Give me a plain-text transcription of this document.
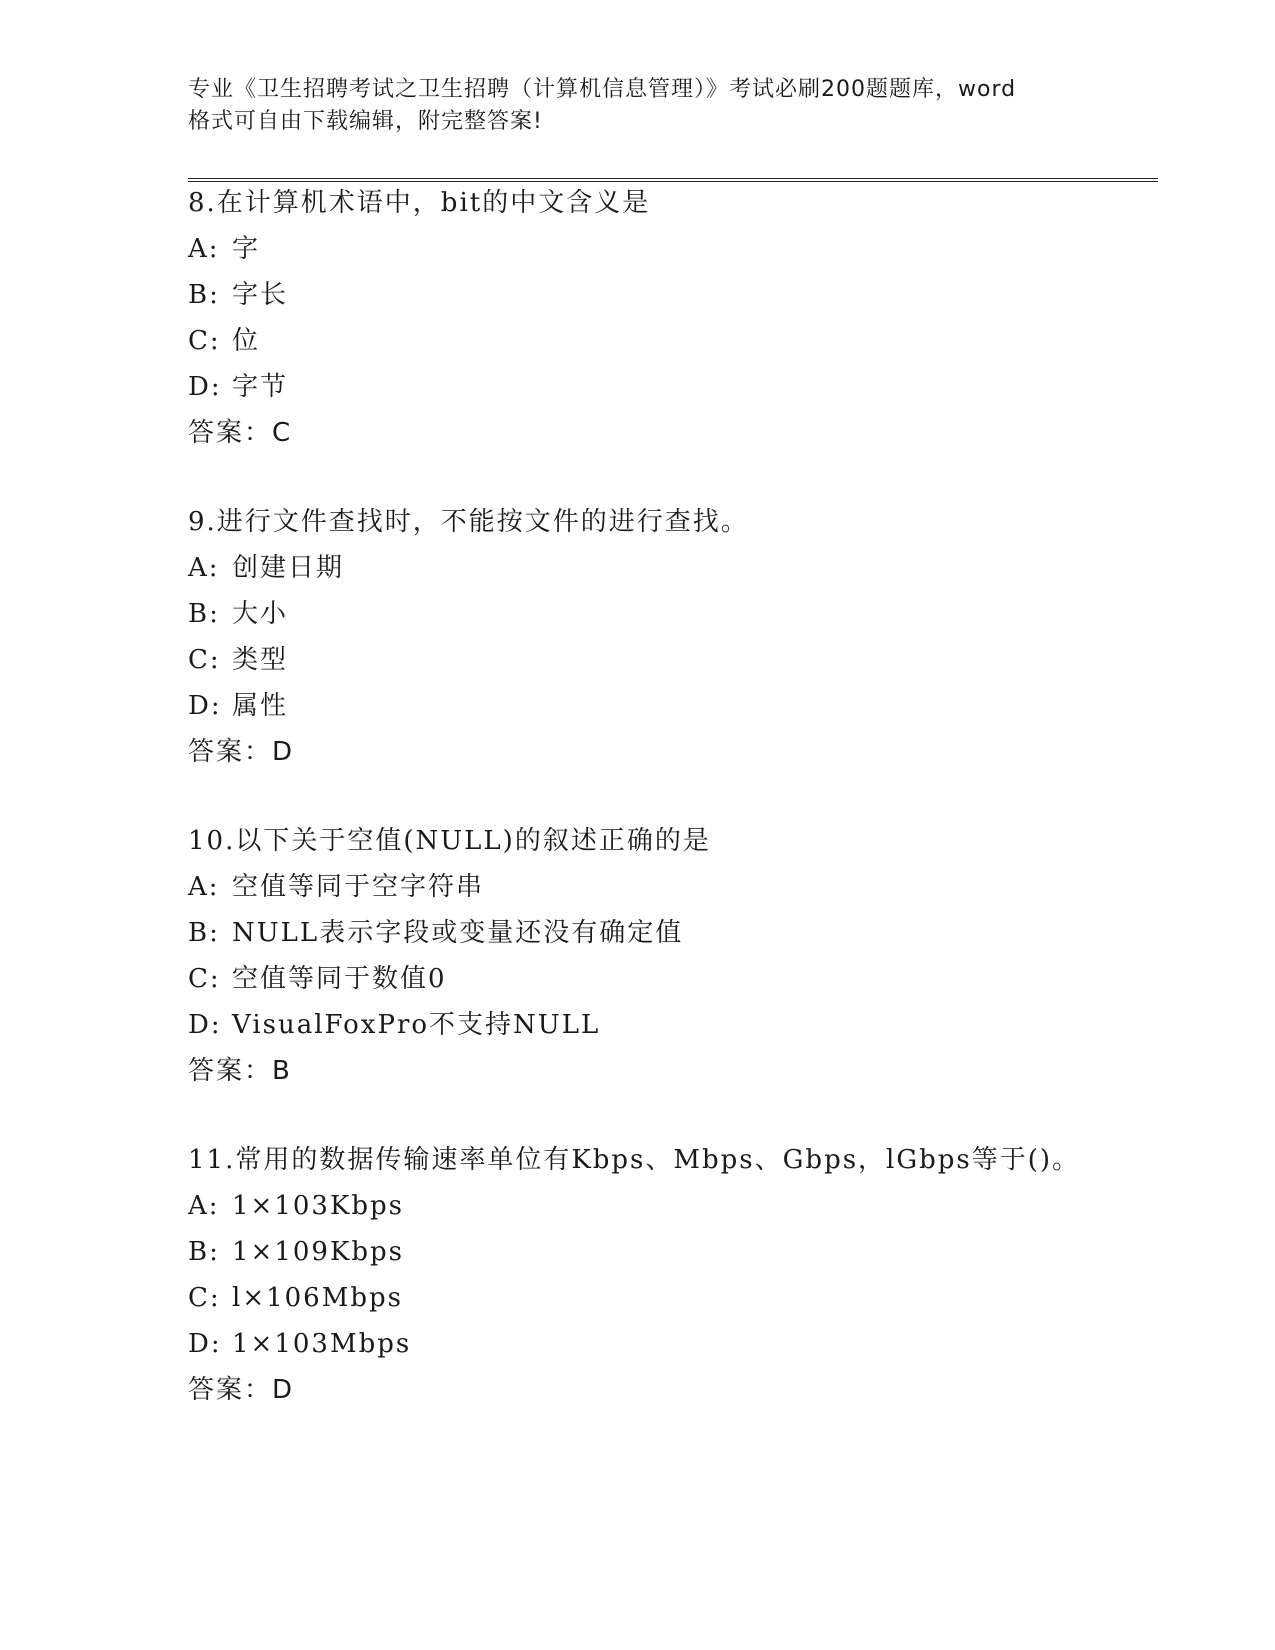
专业《卫生招聘考试之卫生招聘（计算机信息管理）》考试必刷200题题库，word
格式可自由下载编辑，附完整答案!
8.在计算机术语中，bit的中文含义是
A: 字
B: 字长
C: 位
D: 字节
答案：C
9.进行文件查找时，不能按文件的进行查找。
A: 创建日期
B: 大小
C: 类型
D: 属性
答案：D
10.以下关于空值(NULL)的叙述正确的是
A: 空值等同于空字符串
B: NULL表示字段或变量还没有确定值
C: 空值等同于数值0
D: VisualFoxPro不支持NULL
答案：B
11.常用的数据传输速率单位有Kbps、Mbps、Gbps，lGbps等于()。
A: 1×103Kbps
B: 1×109Kbps
C: l×106Mbps
D: 1×103Mbps
答案：D
